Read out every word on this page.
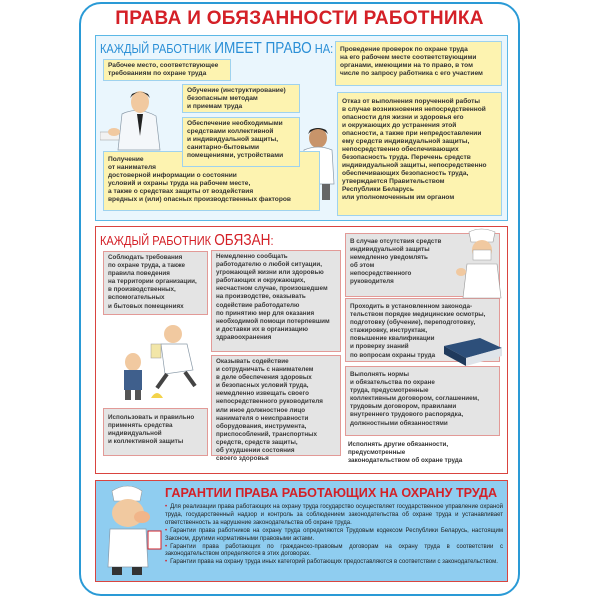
ПРАВА И ОБЯЗАННОСТИ РАБОТНИКА
КАЖДЫЙ РАБОТНИК ИМЕЕТ ПРАВО НА:
Рабочее место, соответствующее
требованиям по охране труда
Получение
от нанимателя
достоверной информации о состоянии
условий и охраны труда на рабочем месте,
а также о средствах защиты от воздействия
вредных и (или) опасных производственных факторов
Обучение (инструктирование)
безопасным методам
и приемам труда
Обеспечение необходимыми
средствами коллективной
и индивидуальной защиты,
санитарно-бытовыми
помещениями, устройствами
Проведение проверок по охране труда
на его рабочем месте соответствующими
органами, имеющими на то право, в том
числе по запросу работника с его участием
Отказ от выполнения порученной работы
в случае возникновения непосредственной
опасности для жизни и здоровья его
и окружающих до устранения этой
опасности, а также при непредоставлении
ему средств индивидуальной защиты,
непосредственно обеспечивающих
безопасность труда. Перечень средств
индивидуальной защиты, непосредственно
обеспечивающих безопасность труда,
утверждается Правительством
Республики Беларусь
или уполномоченным им органом
КАЖДЫЙ РАБОТНИК ОБЯЗАН:
Соблюдать требования
по охране труда, а также
правила поведения
на территории организации,
в производственных,
вспомогательных
и бытовых помещениях
Немедленно сообщать
работодателю о любой ситуации,
угрожающей жизни или здоровью
работающих и окружающих,
несчастном случае, произошедшем
на производстве, оказывать
содействие работодателю
по принятию мер для оказания
необходимой помощи потерпевшим
и доставки их в организацию
здравоохранения
Оказывать содействие
и сотрудничать с нанимателем
в деле обеспечения здоровых
и безопасных условий труда,
немедленно извещать своего
непосредственного руководителя
или иное должностное лицо
нанимателя о неисправности
оборудования, инструмента,
приспособлений, транспортных
средств, средств защиты,
об ухудшении состояния
своего здоровья
Использовать и правильно
применять средства
индивидуальной
и коллективной защиты
В случае отсутствия средств
индивидуальной защиты
немедленно уведомлять
об этом
непосредственного
руководителя
Проходить в установленном законода-
тельством порядке медицинские осмотры,
подготовку (обучение), переподготовку,
стажировку, инструктаж,
повышение квалификации
и проверку знаний
по вопросам охраны труда
Выполнять нормы
и обязательства по охране
труда, предусмотренные
коллективным договором, соглашением,
трудовым договором, правилами
внутреннего трудового распорядка,
должностными обязанностями
Исполнять другие обязанности, предусмотренные
законодательством об охране труда
ГАРАНТИИ ПРАВА РАБОТАЮЩИХ НА ОХРАНУ ТРУДА
• Для реализации права работающих на охрану труда государство осуществляет государственное управление охраной труда, государственный надзор и контроль за соблюдением законодательства об охране труда и устанавливает ответственность за нарушение законодательства об охране труда.
• Гарантии права работников на охрану труда определяются Трудовым кодексом Республики Беларусь, настоящим Законом, другими нормативными правовыми актами.
• Гарантии права работающих по гражданско-правовым договорам на охрану труда в соответствии с законодательством определяются в этих договорах.
• Гарантии права на охрану труда иных категорий работающих предоставляются в соответствии с законодательством.
